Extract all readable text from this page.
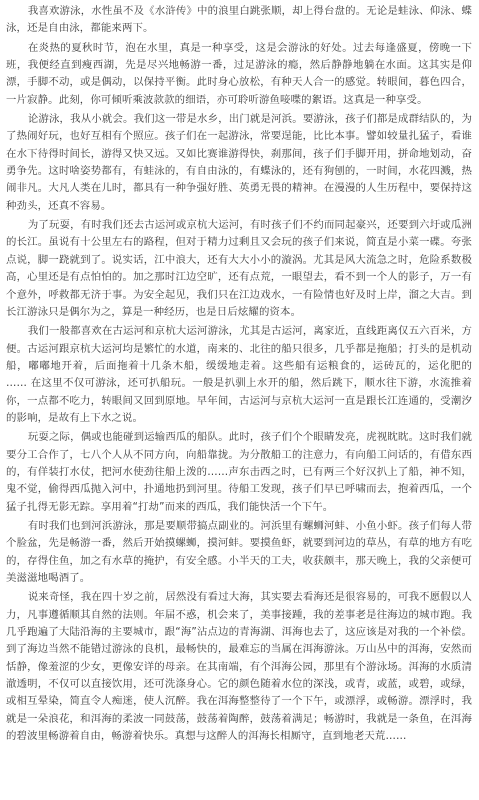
我喜欢游泳，水性虽不及《水浒传》中的浪里白跳张顺，却上得台盘的。无论是蛙泳、仰泳、蝶泳，还是自由泳，都能来两下。

在炎热的夏秋时节，泡在水里，真是一种享受，这是会游泳的好处。过去每逢盛夏，傍晚一下班，我便经直到瘦西湖，先是尽兴地畅游一番，过足游泳的瘾，然后静静地躺在水面。这其实是仰漂，手脚不动，或是偶动，以保持平衡。此时身心放松，有种天人合一的感觉。转眼间，暮色四合，一片寂静。此刻，你可倾听乘波款款的细语，亦可聆听游鱼唼喋的絮语。这真是一种享受。

论游泳，我从小就会。我们这一带是水乡，出门就是河浜。要游泳，孩子们都是成群结队的，为了热闹好玩，也好互相有个照应。孩子们在一起游泳，常要逞能，比比本事。譬如较量扎猛子，看谁在水下待得时间长，游得又快又远。又如比赛谁游得快，刹那间，孩子们手脚开用，拼命地划动，奋勇争先。这时啥姿势都有，有蛙泳的，有自由泳的，有蝶泳的，还有狗刨的，一时间，水花四溅，热闹非凡。大凡人类在儿时，都具有一种争强好胜、英勇无畏的精神。在漫漫的人生历程中，要保持这种劲头，还真不容易。

为了玩耍，有时我们还去古运河或京杭大运河，有时孩子们不约而同起豪兴，还要到六圩或瓜洲的长江。虽说有十公里左右的路程，但对于精力过剩且又会玩的孩子们来说，简直是小菜一碟。夸张点说，脚一跷就到了。说实话，江中浪大，还有大大小小的漩涡。尤其是风大流急之时，危险系数极高，心里还是有点怕怕的。加之那时江边空旷，还有点荒，一眼望去，看不到一个人的影子，万一有个意外，呼救都无济于事。为安全起见，我们只在江边戏水，一有险情也好及时上岸，溜之大吉。到长江游泳只是偶尔为之，算是一种经历，也是日后炫耀的资本。

我们一般都喜欢在古运河和京杭大运河游泳，尤其是古运河，离家近，直线距离仅五六百米，方便。古运河跟京杭大运河均是繁忙的水道，南来的、北往的船只很多，几乎都是拖船；打头的是机动船，嘟嘟地开着，后面拖着十几条木船，缓缓地走着。这些船有运粮食的，运砖瓦的，运化肥的 …… 在这里不仅可游泳，还可扒船玩。一般是扒驯上水开的船，然后跳下，顺水往下游，水流推着你，一点都不吃力，转眼间又回到原地。早年间，古运河与京杭大运河一直是跟长江连通的，受潮汐的影响，是故有上下水之说。

玩耍之际，偶或也能碰到运输西瓜的船队。此时，孩子们个个眼睛发亮，虎视眈眈。这时我们就要分工合作了，七八个人从不同方向，向船靠拢。为分散船工的注意力，有向船工问话的，有借东西的，有佯装打水仗，把河水使劲往船上泼的……声东击西之时，已有两三个好汉扒上了船，神不知，鬼不觉，偷得西瓜抛入河中，扑通地扔到河里。待船工发现，孩子们早已呼啸而去，抱着西瓜，一个猛子扎得无影无踪。享用着“打劫”而来的西瓜，我们能快活一个下午。

有时我们也到河浜游泳，那是要顺带搞点副业的。河浜里有螺蛳河蚌、小鱼小虾。孩子们每人带个脸盆，先是畅游一番，然后开始摸螺蛳，摸河蚌。要摸鱼虾，就要到河边的草丛，有草的地方有吃的，存得住鱼，加之有水草的掩护，有安全感。小半天的工夫，收获颇丰，那天晚上，我的父亲便可美滋滋地喝酒了。

说来奇怪，我在四十岁之前，居然没有看过大海，其实要去看海还是很容易的，可我不愿假以人力，凡事遵循顺其自然的法则。年届不惑，机会来了，美事接踵，我的差事老是往海边的城市跑。我几乎跑遍了大陆沿海的主要城市，跟“海”沾点边的青海湖、洱海也去了，这应该是对我的一个补偿。到了海边当然不能错过游泳的良机，最畅快的，最难忘的当属在洱海游泳。万山丛中的洱海，安然而恬静，像羞涩的少女，更像安详的母亲。在其南端，有个洱海公园，那里有个游泳场。洱海的水质清澈透明，不仅可以直接饮用，还可洗涤身心。它的颜色随着水位的深浅，或青，或蓝，或碧，或绿，或相互晕染，简直令人痴迷，使人沉醉。我在洱海整整待了一个下午，或漂浮，或畅游。漂浮时，我就是一朵浪花，和洱海的柔波一同鼓荡，鼓荡着陶醉，鼓荡着满足；畅游时，我就是一条鱼，在洱海的碧波里畅游着自由，畅游着快乐。真想与这醉人的洱海长相厮守，直到地老天荒……
